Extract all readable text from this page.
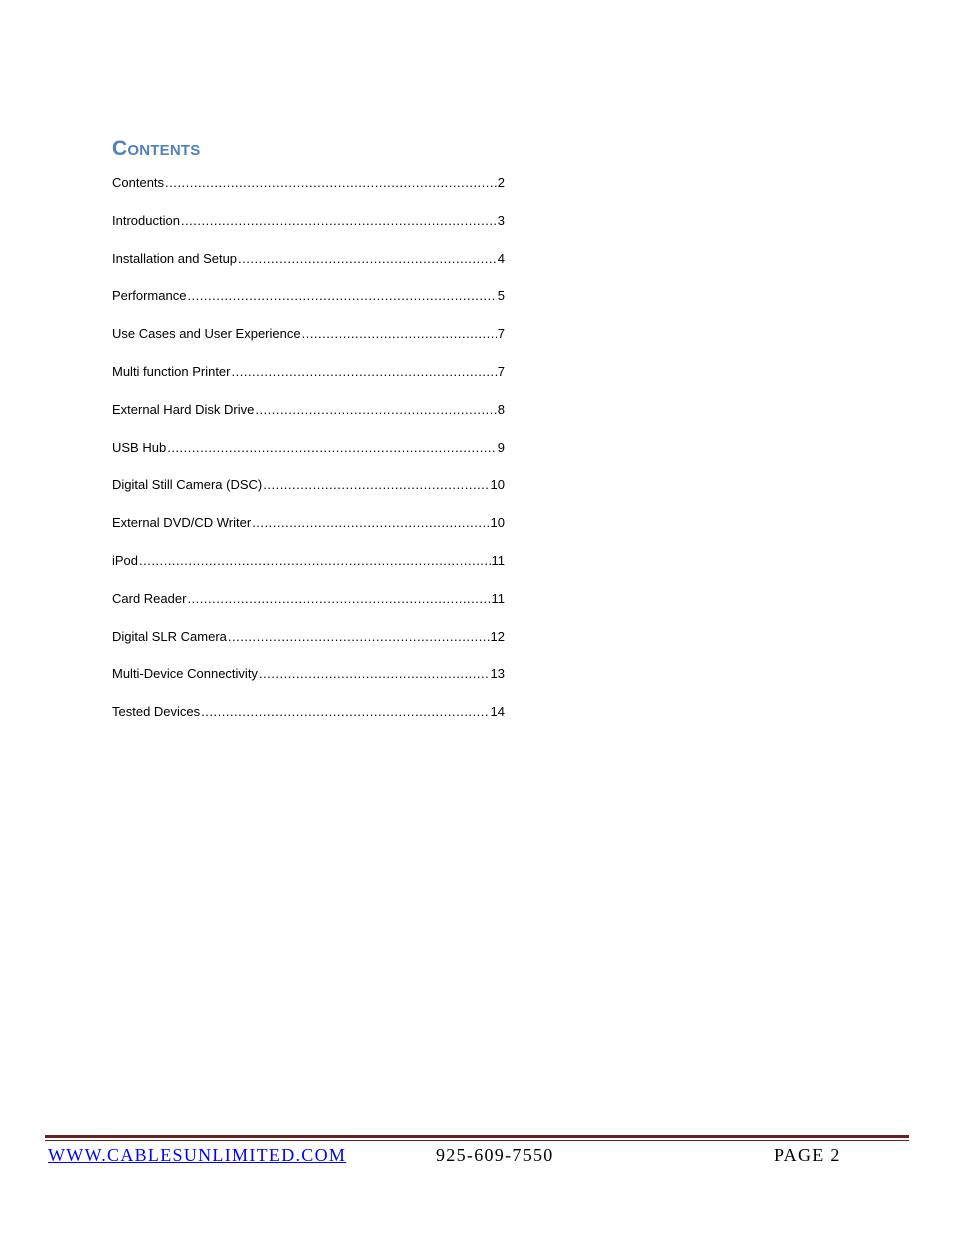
Contents
Contents .....	2
Introduction .....	3
Installation and Setup .....	4
Performance .....	5
Use Cases and User Experience .....	7
Multi function Printer .....	7
External Hard Disk Drive .....	8
USB Hub .....	9
Digital Still Camera (DSC) .....	10
External DVD/CD Writer .....	10
iPod .....	11
Card Reader .....	11
Digital SLR Camera .....	12
Multi-Device Connectivity .....	13
Tested Devices .....	14
WWW.CABLESUNLIMITED.COM	925-609-7550	PAGE 2
